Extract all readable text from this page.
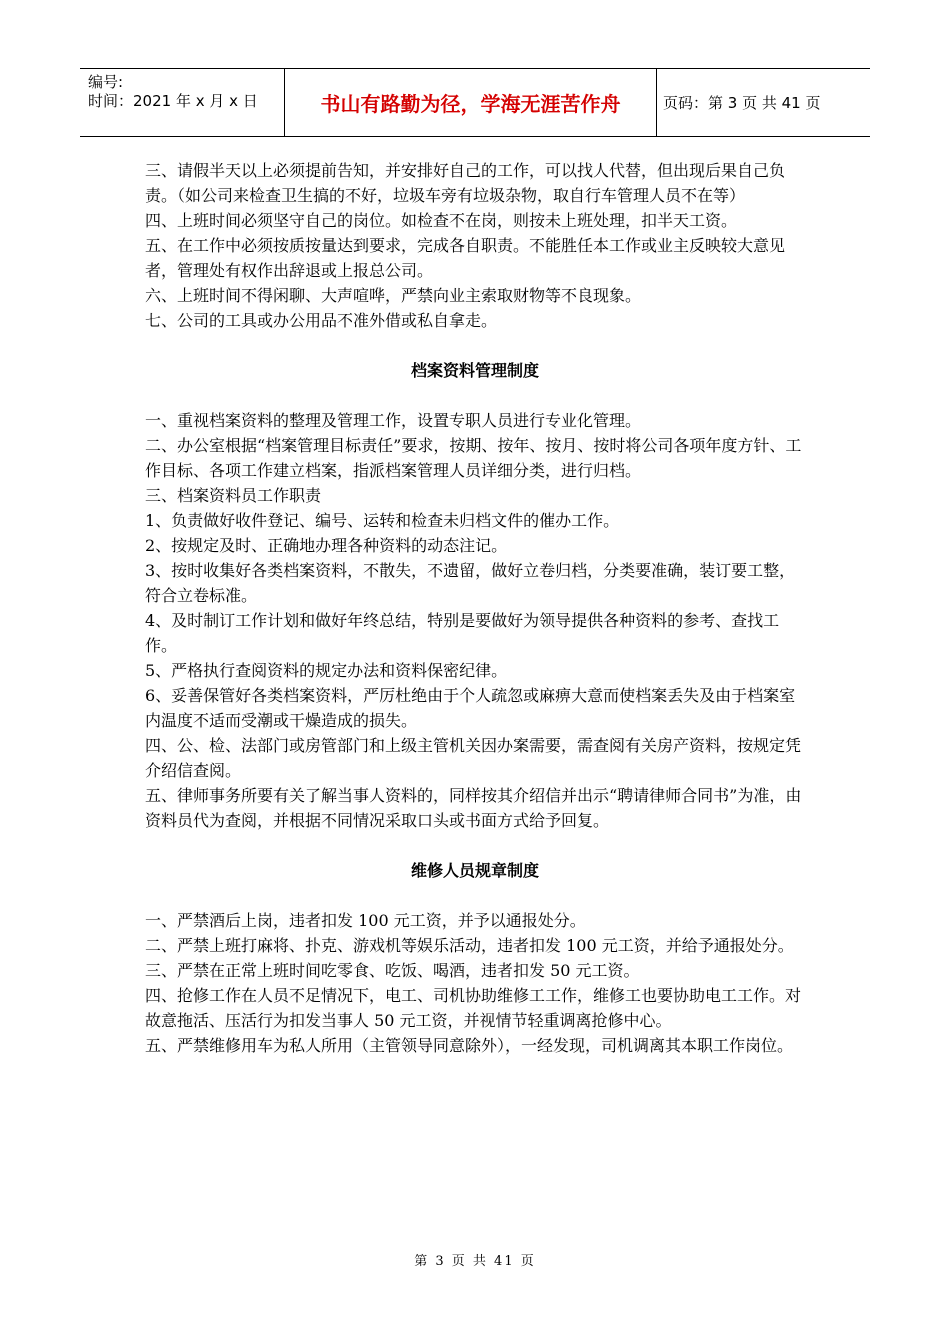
编号:
时间：2021 年 x 月 x 日	书山有路勤为径，学海无涯苦作舟	页码：第 3 页 共 41 页

三、请假半天以上必须提前告知，并安排好自己的工作，可以找人代替，但出现后果自己负责。（如公司来检查卫生搞的不好，垃圾车旁有垃圾杂物，取自行车管理人员不在等）

四、上班时间必须坚守自己的岗位。如检查不在岗，则按未上班处理，扣半天工资。

五、在工作中必须按质按量达到要求，完成各自职责。不能胜任本工作或业主反映较大意见者，管理处有权作出辞退或上报总公司。

六、上班时间不得闲聊、大声喧哗，严禁向业主索取财物等不良现象。

七、公司的工具或办公用品不准外借或私自拿走。

档案资料管理制度

一、重视档案资料的整理及管理工作，设置专职人员进行专业化管理。

二、办公室根据“档案管理目标责任”要求，按期、按年、按月、按时将公司各项年度方针、工作目标、各项工作建立档案，指派档案管理人员详细分类，进行归档。

三、档案资料员工作职责

1、负责做好收件登记、编号、运转和检查未归档文件的催办工作。

2、按规定及时、正确地办理各种资料的动态注记。

3、按时收集好各类档案资料，不散失，不遗留，做好立卷归档，分类要准确，装订要工整，符合立卷标准。

4、及时制订工作计划和做好年终总结，特别是要做好为领导提供各种资料的参考、查找工作。

5、严格执行查阅资料的规定办法和资料保密纪律。

6、妥善保管好各类档案资料，严厉杜绝由于个人疏忽或麻痹大意而使档案丢失及由于档案室内温度不适而受潮或干燥造成的损失。

四、公、检、法部门或房管部门和上级主管机关因办案需要，需查阅有关房产资料，按规定凭介绍信查阅。

五、律师事务所要有关了解当事人资料的，同样按其介绍信并出示“聘请律师合同书”为准，由资料员代为查阅，并根据不同情况采取口头或书面方式给予回复。

维修人员规章制度

一、严禁酒后上岗，违者扣发 100 元工资，并予以通报处分。

二、严禁上班打麻将、扑克、游戏机等娱乐活动，违者扣发 100 元工资，并给予通报处分。

三、严禁在正常上班时间吃零食、吃饭、喝酒，违者扣发 50 元工资。

四、抢修工作在人员不足情况下，电工、司机协助维修工工作，维修工也要协助电工工作。对故意拖活、压活行为扣发当事人 50 元工资，并视情节轻重调离抢修中心。

五、严禁维修用车为私人所用（主管领导同意除外），一经发现，司机调离其本职工作岗位。

第 3 页 共 41 页
